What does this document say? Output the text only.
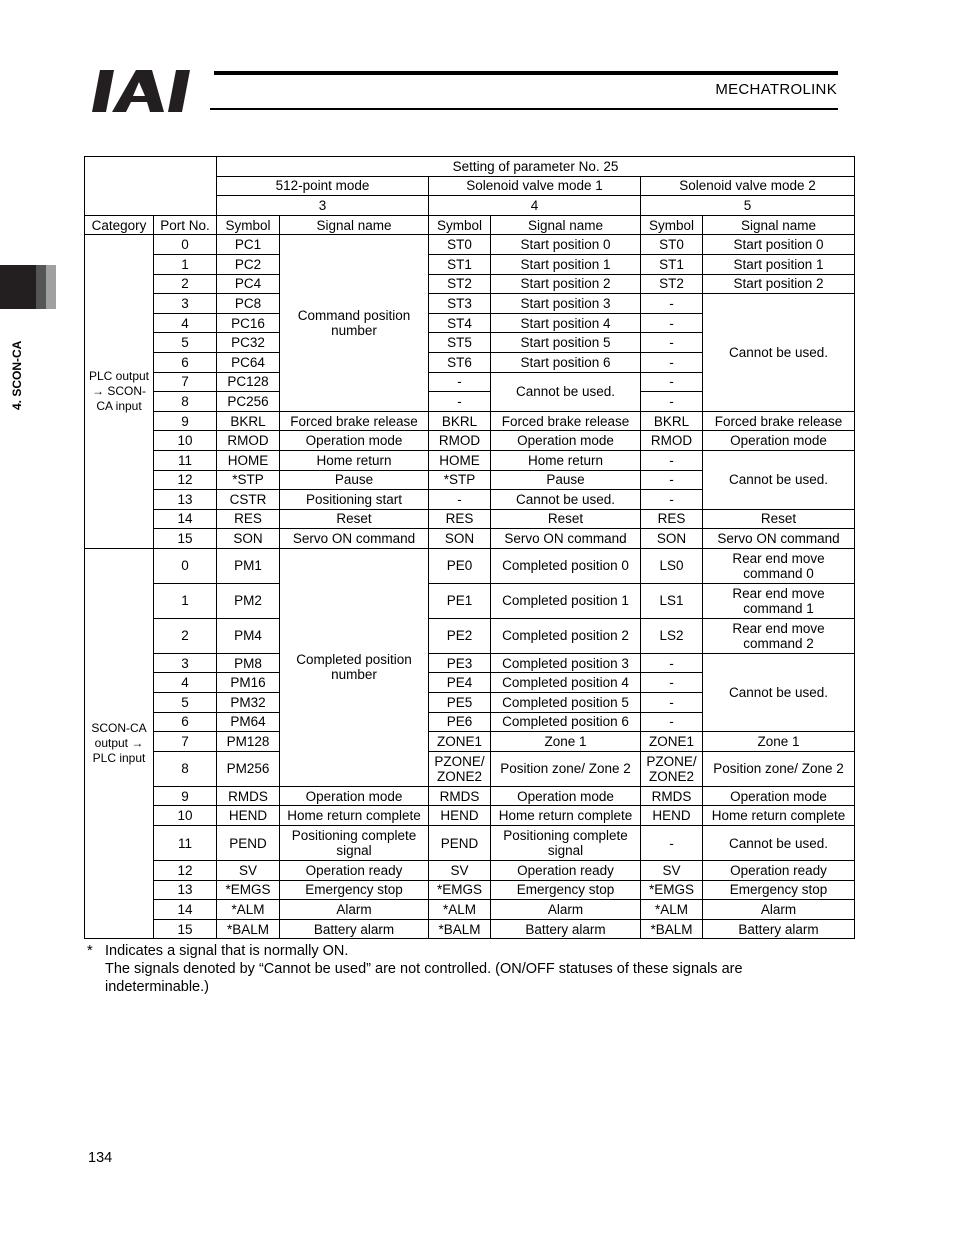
MECHATROLINK
4. SCON-CA
		Setting of parameter No. 25					
		512-point mode		Solenoid valve mode 1		Solenoid valve mode 2	
		3		4		5	
Category	Port No.	Symbol	Signal name	Symbol	Signal name	Symbol	Signal name
PLC output → SCON-CA input	0	PC1	Command position number	ST0	Start position 0	ST0	Start position 0
	1	PC2		ST1	Start position 1	ST1	Start position 1
	2	PC4		ST2	Start position 2	ST2	Start position 2
	3	PC8		ST3	Start position 3	-	Cannot be used.
	4	PC16		ST4	Start position 4	-	
	5	PC32		ST5	Start position 5	-	
	6	PC64		ST6	Start position 6	-	
	7	PC128		-	Cannot be used.	-	
	8	PC256		-		-	
	9	BKRL	Forced brake release	BKRL	Forced brake release	BKRL	Forced brake release
	10	RMOD	Operation mode	RMOD	Operation mode	RMOD	Operation mode
	11	HOME	Home return	HOME	Home return	-	Cannot be used.
	12	*STP	Pause	*STP	Pause	-	
	13	CSTR	Positioning start	-	Cannot be used.	-	
	14	RES	Reset	RES	Reset	RES	Reset
	15	SON	Servo ON command	SON	Servo ON command	SON	Servo ON command
SCON-CA output → PLC input	0	PM1	Completed position number	PE0	Completed position 0	LS0	Rear end move command 0
	1	PM2		PE1	Completed position 1	LS1	Rear end move command 1
	2	PM4		PE2	Completed position 2	LS2	Rear end move command 2
	3	PM8		PE3	Completed position 3	-	Cannot be used.
	4	PM16		PE4	Completed position 4	-	
	5	PM32		PE5	Completed position 5	-	
	6	PM64		PE6	Completed position 6	-	
	7	PM128		ZONE1	Zone 1	ZONE1	Zone 1
	8	PM256		PZONE/ ZONE2	Position zone/ Zone 2	PZONE/ ZONE2	Position zone/ Zone 2
	9	RMDS	Operation mode	RMDS	Operation mode	RMDS	Operation mode
	10	HEND	Home return complete	HEND	Home return complete	HEND	Home return complete
	11	PEND	Positioning complete signal	PEND	Positioning complete signal	-	Cannot be used.
	12	SV	Operation ready	SV	Operation ready	SV	Operation ready
	13	*EMGS	Emergency stop	*EMGS	Emergency stop	*EMGS	Emergency stop
	14	*ALM	Alarm	*ALM	Alarm	*ALM	Alarm
	15	*BALM	Battery alarm	*BALM	Battery alarm	*BALM	Battery alarm
* Indicates a signal that is normally ON.
The signals denoted by “Cannot be used” are not controlled. (ON/OFF statuses of these signals are indeterminable.)
134
